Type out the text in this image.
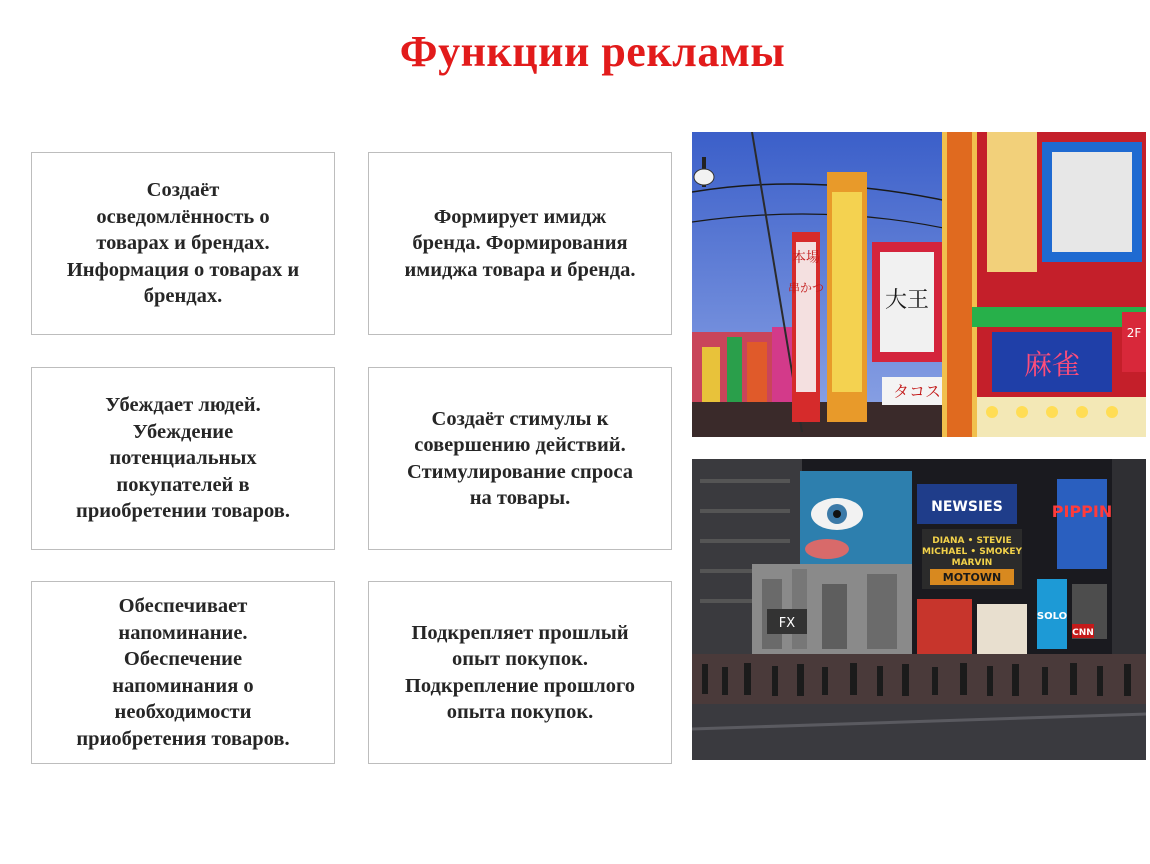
Функции рекламы
Создаёт
осведомлённость о
товарах и брендах.
Информация о товарах и
брендах.
Формирует имидж
бренда. Формирования
имиджа товара и бренда.
Убеждает людей.
Убеждение
потенциальных
покупателей в
приобретении товаров.
Создаёт стимулы к
совершению действий.
Стимулирование спроса
на товары.
Обеспечивает
напоминание.
Обеспечение
напоминания о
необходимости
приобретения товаров.
Подкрепляет прошлый
опыт покупок.
Подкрепление прошлого
опыта покупок.
本場
串かつ	大王
タコス
麻雀
2F
FX
NEWSIES
DIANA • STEVIE
MICHAEL • SMOKEY
MARVIN
MOTOWN
PIPPIN
SOLO
CNN
